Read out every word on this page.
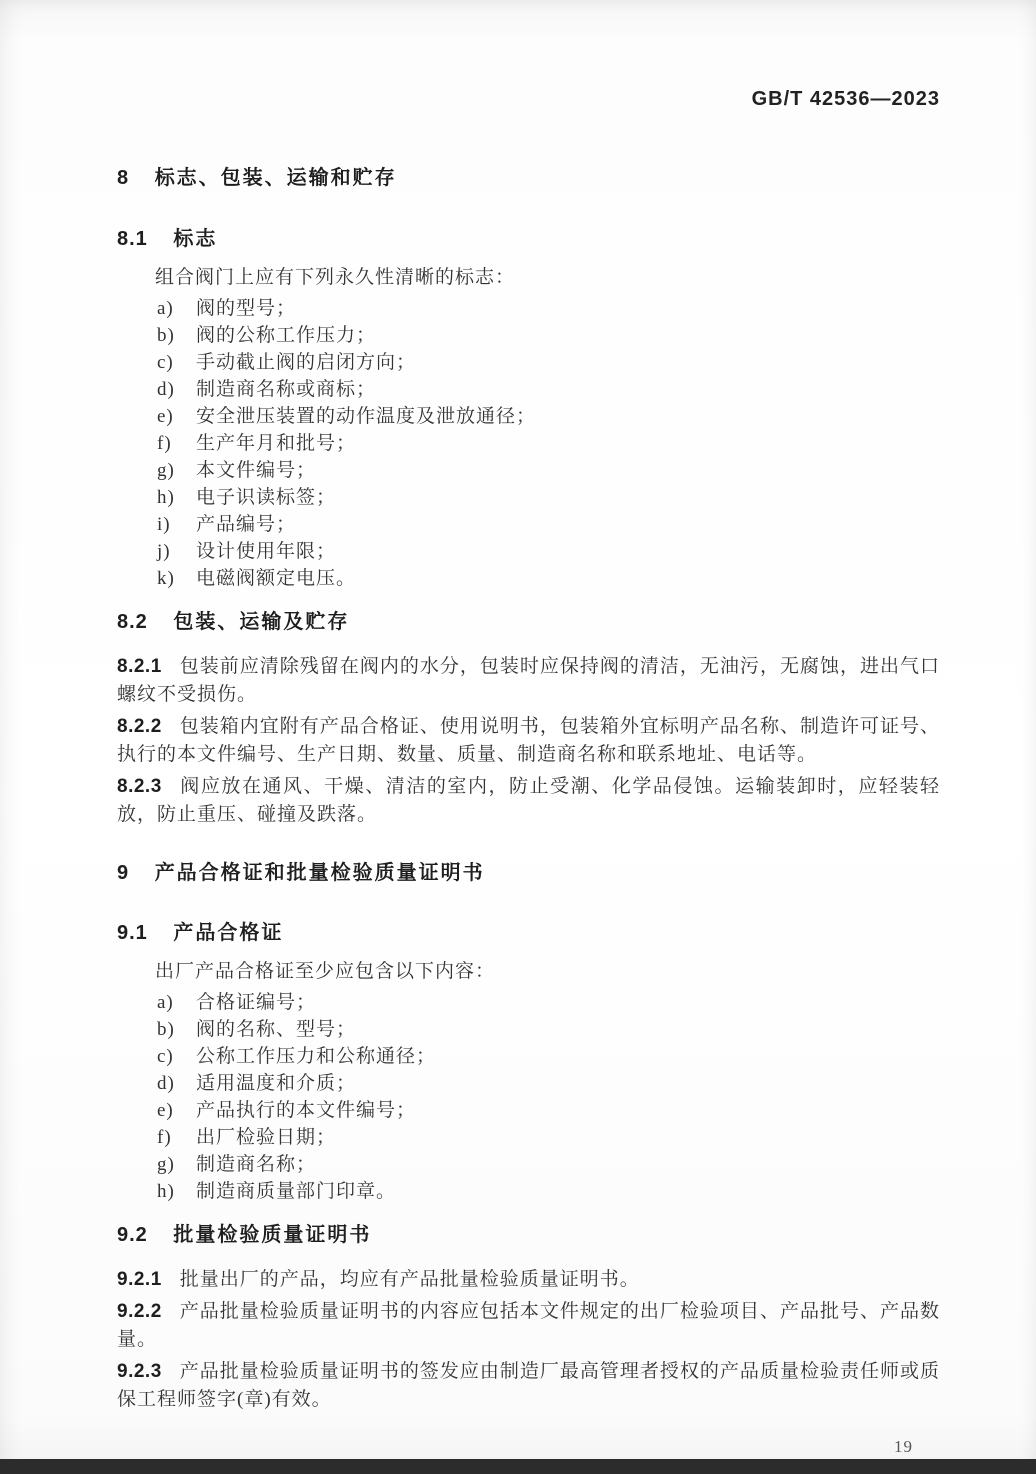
GB/T 42536—2023
8 标志、包装、运输和贮存
8.1 标志

组合阀门上应有下列永久性清晰的标志：

a)	阀的型号；
b)	阀的公称工作压力；
c)	手动截止阀的启闭方向；
d)	制造商名称或商标；
e)	安全泄压装置的动作温度及泄放通径；
f)	生产年月和批号；
g)	本文件编号；
h)	电子识读标签；
i)	产品编号；
j)	设计使用年限；
k)	电磁阀额定电压。
8.2 包装、运输及贮存

8.2.1 包装前应清除残留在阀内的水分，包装时应保持阀的清洁，无油污，无腐蚀，进出气口螺纹不受损伤。

8.2.2 包装箱内宜附有产品合格证、使用说明书，包装箱外宜标明产品名称、制造许可证号、执行的本文件编号、生产日期、数量、质量、制造商名称和联系地址、电话等。

8.2.3 阀应放在通风、干燥、清洁的室内，防止受潮、化学品侵蚀。运输装卸时，应轻装轻放，防止重压、碰撞及跌落。

9 产品合格证和批量检验质量证明书
9.1 产品合格证

出厂产品合格证至少应包含以下内容：

a)	合格证编号；
b)	阀的名称、型号；
c)	公称工作压力和公称通径；
d)	适用温度和介质；
e)	产品执行的本文件编号；
f)	出厂检验日期；
g)	制造商名称；
h)	制造商质量部门印章。
9.2 批量检验质量证明书

9.2.1 批量出厂的产品，均应有产品批量检验质量证明书。

9.2.2 产品批量检验质量证明书的内容应包括本文件规定的出厂检验项目、产品批号、产品数量。

9.2.3 产品批量检验质量证明书的签发应由制造厂最高管理者授权的产品质量检验责任师或质保工程师签字(章)有效。

19
